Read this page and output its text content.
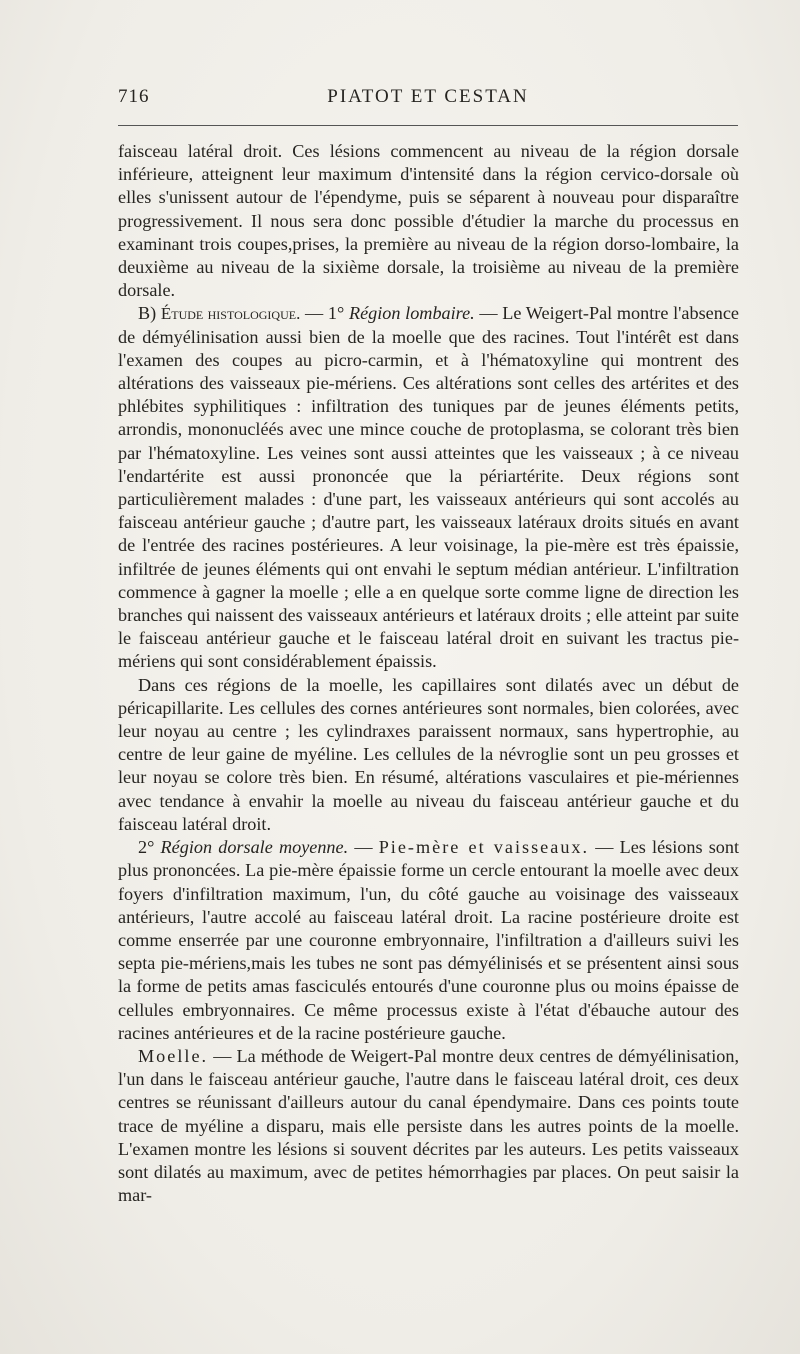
716	PIATOT ET CESTAN

faisceau latéral droit. Ces lésions commencent au niveau de la région dorsale inférieure, atteignent leur maximum d'intensité dans la région cervico-dorsale où elles s'unissent autour de l'épendyme, puis se séparent à nouveau pour disparaître progressivement. Il nous sera donc possible d'étudier la marche du processus en examinant trois coupes,prises, la première au niveau de la région dorso-lombaire, la deuxième au niveau de la sixième dorsale, la troisième au niveau de la première dorsale.

B) Étude histologique. — 1° Région lombaire. — Le Weigert-Pal montre l'absence de démyélinisation aussi bien de la moelle que des racines. Tout l'intérêt est dans l'examen des coupes au picro-carmin, et à l'hématoxyline qui montrent des altérations des vaisseaux pie-mériens. Ces altérations sont celles des artérites et des phlébites syphilitiques : infiltration des tuniques par de jeunes éléments petits, arrondis, mononucléés avec une mince couche de protoplasma, se colorant très bien par l'hématoxyline. Les veines sont aussi atteintes que les vaisseaux ; à ce niveau l'endartérite est aussi prononcée que la périartérite. Deux régions sont particulièrement malades : d'une part, les vaisseaux antérieurs qui sont accolés au faisceau antérieur gauche ; d'autre part, les vaisseaux latéraux droits situés en avant de l'entrée des racines postérieures. A leur voisinage, la pie-mère est très épaissie, infiltrée de jeunes éléments qui ont envahi le septum médian antérieur. L'infiltration commence à gagner la moelle ; elle a en quelque sorte comme ligne de direction les branches qui naissent des vaisseaux antérieurs et latéraux droits ; elle atteint par suite le faisceau antérieur gauche et le faisceau latéral droit en suivant les tractus pie-mériens qui sont considérablement épaissis.

Dans ces régions de la moelle, les capillaires sont dilatés avec un début de péricapillarite. Les cellules des cornes antérieures sont normales, bien colorées, avec leur noyau au centre ; les cylindraxes paraissent normaux, sans hypertrophie, au centre de leur gaine de myéline. Les cellules de la névroglie sont un peu grosses et leur noyau se colore très bien. En résumé, altérations vasculaires et pie-mériennes avec tendance à envahir la moelle au niveau du faisceau antérieur gauche et du faisceau latéral droit.

2° Région dorsale moyenne. — Pie-mère et vaisseaux. — Les lésions sont plus prononcées. La pie-mère épaissie forme un cercle entourant la moelle avec deux foyers d'infiltration maximum, l'un, du côté gauche au voisinage des vaisseaux antérieurs, l'autre accolé au faisceau latéral droit. La racine postérieure droite est comme enserrée par une couronne embryonnaire, l'infiltration a d'ailleurs suivi les septa pie-mériens,mais les tubes ne sont pas démyélinisés et se présentent ainsi sous la forme de petits amas fasciculés entourés d'une couronne plus ou moins épaisse de cellules embryonnaires. Ce même processus existe à l'état d'ébauche autour des racines antérieures et de la racine postérieure gauche.

Moelle. — La méthode de Weigert-Pal montre deux centres de démyélinisation, l'un dans le faisceau antérieur gauche, l'autre dans le faisceau latéral droit, ces deux centres se réunissant d'ailleurs autour du canal épendymaire. Dans ces points toute trace de myéline a disparu, mais elle persiste dans les autres points de la moelle. L'examen montre les lésions si souvent décrites par les auteurs. Les petits vaisseaux sont dilatés au maximum, avec de petites hémorrhagies par places. On peut saisir la mar-
